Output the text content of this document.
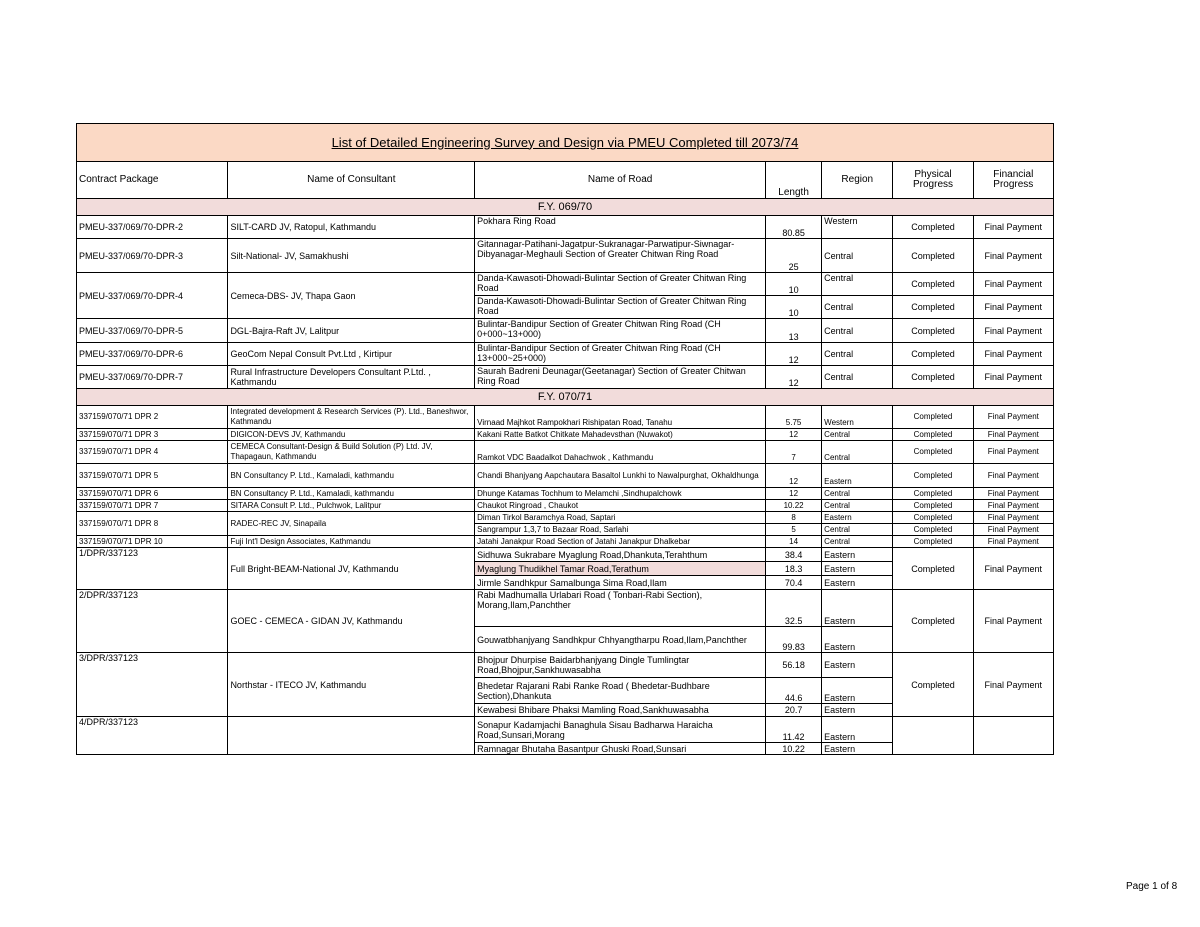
List of Detailed Engineering Survey and Design via PMEU Completed till 2073/74						
Contract Package	Name of Consultant	Name of Road	Length	Region	Physical Progress	Financial Progress
F.Y. 069/70						
PMEU-337/069/70-DPR-2	SILT-CARD JV, Ratopul, Kathmandu	Pokhara Ring Road	80.85	Western	Completed	Final Payment
PMEU-337/069/70-DPR-3	Silt-National- JV, Samakhushi	Gitannagar-Patihani-Jagatpur-Sukranagar-Parwatipur-Siwnagar-Dibyanagar-Meghauli Section of Greater Chitwan Ring Road	25	Central	Completed	Final Payment
PMEU-337/069/70-DPR-4	Cemeca-DBS- JV, Thapa Gaon	Danda-Kawasoti-Dhowadi-Bulintar Section of Greater Chitwan Ring Road	10	Central	Completed	Final Payment
		Danda-Kawasoti-Dhowadi-Bulintar Section of Greater Chitwan Ring Road	10	Central	Completed	Final Payment
PMEU-337/069/70-DPR-5	DGL-Bajra-Raft JV, Lalitpur	Bulintar-Bandipur Section of Greater Chitwan Ring Road (CH 0+000~13+000)	13	Central	Completed	Final Payment
PMEU-337/069/70-DPR-6	GeoCom Nepal Consult Pvt.Ltd , Kirtipur	Bulintar-Bandipur Section of Greater Chitwan Ring Road (CH 13+000~25+000)	12	Central	Completed	Final Payment
PMEU-337/069/70-DPR-7	Rural Infrastructure Developers Consultant P.Ltd. , Kathmandu	Saurah Badreni Deunagar(Geetanagar) Section of Greater Chitwan Ring Road	12	Central	Completed	Final Payment
F.Y. 070/71						
337159/070/71 DPR 2	Integrated development & Research Services (P). Ltd., Baneshwor, Kathmandu	Virnaad Majhkot Rampokhari Rishipatan Road, Tanahu	5.75	Western	Completed	Final Payment
337159/070/71 DPR 3	DIGICON-DEVS JV, Kathmandu	Kakani Ratte Batkot Chitkate Mahadevsthan (Nuwakot)	12	Central	Completed	Final Payment
337159/070/71 DPR 4	CEMECA Consultant-Design & Build Solution (P) Ltd. JV, Thapagaun, Kathmandu	Ramkot VDC Baadalkot Dahachwok , Kathmandu	7	Central	Completed	Final Payment
337159/070/71 DPR 5	BN Consultancy P. Ltd., Kamaladi, kathmandu	Chandi Bhanjyang Aapchautara Basaltol Lunkhi to Nawalpurghat, Okhaldhunga	12	Eastern	Completed	Final Payment
337159/070/71 DPR 6	BN Consultancy P. Ltd., Kamaladi, kathmandu	Dhunge Katamas Tochhum to Melamchi ,Sindhupalchowk	12	Central	Completed	Final Payment
337159/070/71 DPR 7	SITARA Consult P. Ltd., Pulchwok, Lalitpur	Chaukot Ringroad , Chaukot	10.22	Central	Completed	Final Payment
337159/070/71 DPR 8	RADEC-REC JV, Sinapaila	Diman Tirkol Baramchya Road, Saptari	8	Eastern	Completed	Final Payment
		Sangrampur 1,3,7 to Bazaar Road, Sarlahi	5	Central	Completed	Final Payment
337159/070/71 DPR 10	Fuji Int'l Design Associates, Kathmandu	Jatahi Janakpur Road Section of Jatahi Janakpur Dhalkebar	14	Central	Completed	Final Payment
1/DPR/337123	Full Bright-BEAM-National JV, Kathmandu	Sidhuwa Sukrabare Myaglung Road,Dhankuta,Terahthum	38.4	Eastern	Completed	Final Payment
		Myaglung Thudikhel Tamar Road,Terathum	18.3	Eastern		
		Jirmle Sandhkpur Samalbunga Sima Road,Ilam	70.4	Eastern		
2/DPR/337123	GOEC - CEMECA - GIDAN JV, Kathmandu	Rabi Madhumalla Urlabari Road ( Tonbari-Rabi Section), Morang,Ilam,Panchther	32.5	Eastern	Completed	Final Payment
		Gouwatbhanjyang Sandhkpur Chhyangtharpu Road,Ilam,Panchther	99.83	Eastern		
3/DPR/337123	Northstar - ITECO JV, Kathmandu	Bhojpur Dhurpise Baidarbhanjyang Dingle Tumlingtar Road,Bhojpur,Sankhuwasabha	56.18	Eastern	Completed	Final Payment
		Bhedetar Rajarani Rabi Ranke Road ( Bhedetar-Budhbare Section),Dhankuta	44.6	Eastern		
		Kewabesi Bhibare Phaksi Mamling Road,Sankhuwasabha	20.7	Eastern		
4/DPR/337123		Sonapur Kadamjachi Banaghula Sisau Badharwa Haraicha Road,Sunsari,Morang	11.42	Eastern		
		Ramnagar Bhutaha Basantpur Ghuski Road,Sunsari	10.22	Eastern		
Page 1 of 8
